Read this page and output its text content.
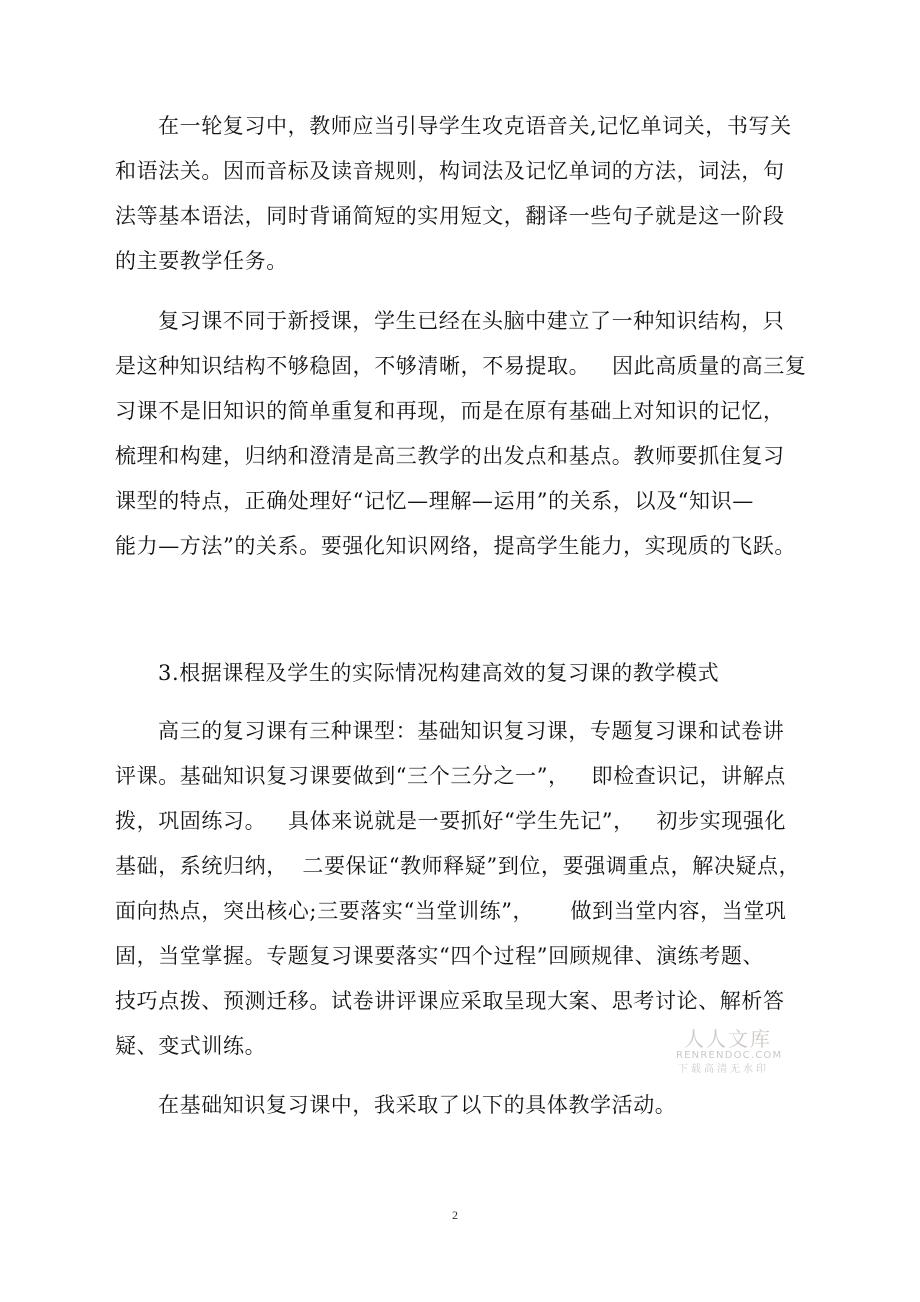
在一轮复习中，教师应当引导学生攻克语音关,记忆单词关，书写关
和语法关。因而音标及读音规则，构词法及记忆单词的方法，词法，句
法等基本语法，同时背诵简短的实用短文，翻译一些句子就是这一阶段
的主要教学任务。
复习课不同于新授课，学生已经在头脑中建立了一种知识结构，只
是这种知识结构不够稳固，不够清晰，不易提取。   因此高质量的高三复
习课不是旧知识的简单重复和再现，而是在原有基础上对知识的记忆，
梳理和构建，归纳和澄清是高三教学的出发点和基点。教师要抓住复习
课型的特点，正确处理好“记忆—理解—运用”的关系，以及“知识—
能力—方法”的关系。要强化知识网络，提高学生能力，实现质的飞跃。
3.根据课程及学生的实际情况构建高效的复习课的教学模式
高三的复习课有三种课型：基础知识复习课，专题复习课和试卷讲
评课。基础知识复习课要做到“三个三分之一”，   即检查识记，讲解点
拨，巩固练习。   具体来说就是一要抓好“学生先记”，   初步实现强化
基础，系统归纳，  二要保证“教师释疑”到位，要强调重点，解决疑点，
面向热点，突出核心;三要落实“当堂训练”，     做到当堂内容，当堂巩
固，当堂掌握。专题复习课要落实“四个过程”回顾规律、演练考题、
技巧点拨、预测迁移。试卷讲评课应采取呈现大案、思考讨论、解析答
疑、变式训练。
在基础知识复习课中，我采取了以下的具体教学活动。
人人文库
RENRENDOC.COM
下载高清无水印
2
